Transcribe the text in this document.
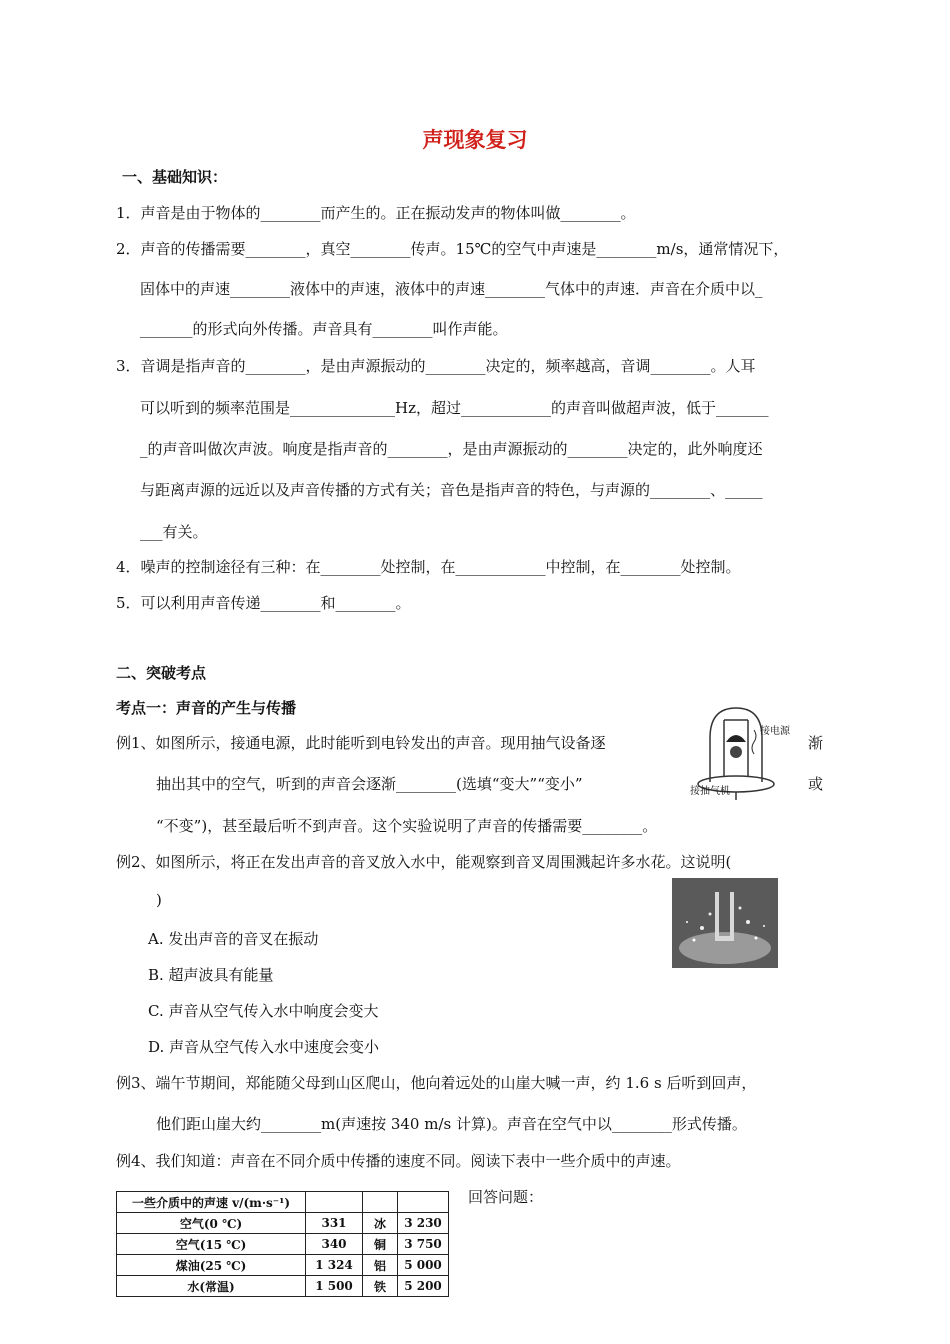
声现象复习
一、基础知识：
1．声音是由于物体的________而产生的。正在振动发声的物体叫做________。
2．声音的传播需要________，真空________传声。15℃的空气中声速是________m/s，通常情况下，
固体中的声速________液体中的声速，液体中的声速________气体中的声速．声音在介质中以_
_______的形式向外传播。声音具有________叫作声能。
3．音调是指声音的________，是由声源振动的________决定的，频率越高，音调________。人耳
可以听到的频率范围是______________Hz，超过____________的声音叫做超声波，低于_______
_的声音叫做次声波。响度是指声音的________，是由声源振动的________决定的，此外响度还
与距离声源的远近以及声音传播的方式有关；音色是指声音的特色，与声源的________、_____
___有关。
4．噪声的控制途径有三种：在________处控制，在____________中控制，在________处控制。
5．可以利用声音传递________和________。
二、突破考点
考点一：声音的产生与传播
例1、如图所示，接通电源，此时能听到电铃发出的声音。现用抽气设备逐	渐
抽出其中的空气，听到的声音会逐渐________(选填“变大”“变小”	或
“不变”)，甚至最后听不到声音。这个实验说明了声音的传播需要________。
接电源
接抽气机
例2、如图所示，将正在发出声音的音叉放入水中，能观察到音叉周围溅起许多水花。这说明(
)
A. 发出声音的音叉在振动
B. 超声波具有能量
C. 声音从空气传入水中响度会变大
D. 声音从空气传入水中速度会变小
例3、端午节期间，郑能随父母到山区爬山，他向着远处的山崖大喊一声，约 1.6 s 后听到回声，
他们距山崖大约________m(声速按 340 m/s 计算)。声音在空气中以________形式传播。
例4、我们知道：声音在不同介质中传播的速度不同。阅读下表中一些介质中的声速。
回答问题：
一些介质中的声速 v/(m·s⁻¹)			
空气(0 ℃)	331	冰	3 230
空气(15 ℃)	340	铜	3 750
煤油(25 ℃)	1 324	铝	5 000
水(常温)	1 500	铁	5 200
